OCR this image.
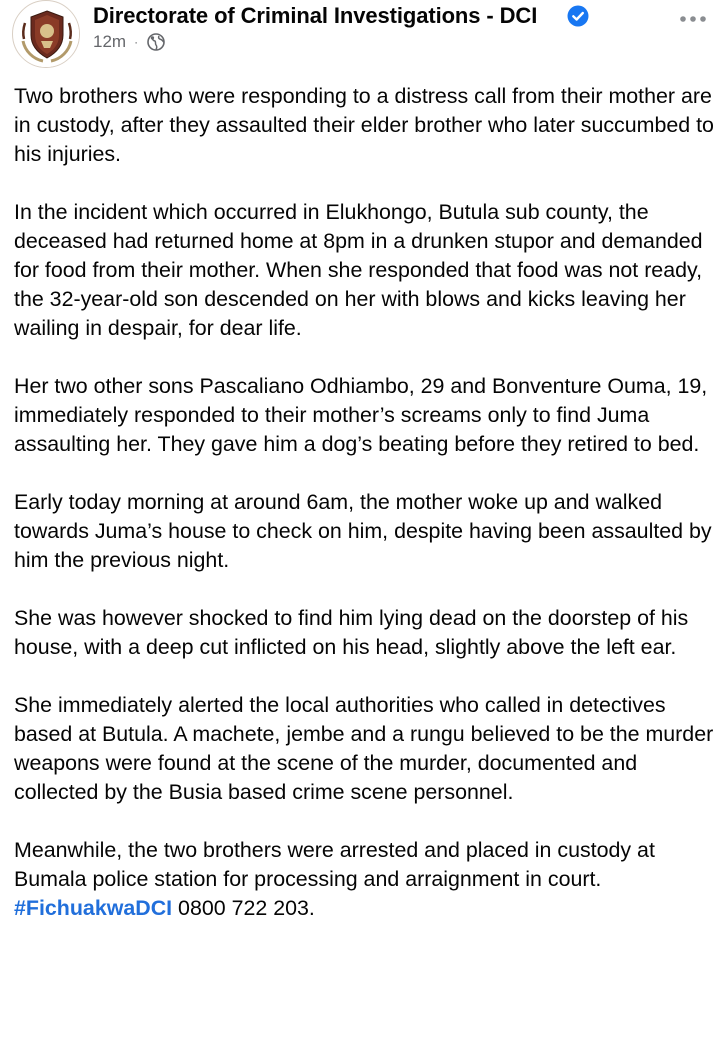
Directorate of Criminal Investigations - DCI
12m ·

Two brothers who were responding to a distress call from their mother are in custody, after they assaulted their elder brother who later succumbed to his injuries.

In the incident which occurred in Elukhongo, Butula sub county, the deceased had returned home at 8pm in a drunken stupor and demanded for food from their mother. When she responded that food was not ready, the 32-year-old son descended on her with blows and kicks leaving her wailing in despair, for dear life.

Her two other sons Pascaliano Odhiambo, 29 and Bonventure Ouma, 19, immediately responded to their mother’s screams only to find Juma assaulting her. They gave him a dog’s beating before they retired to bed.

Early today morning at around 6am, the mother woke up and walked towards Juma’s house to check on him, despite having been assaulted by him the previous night.

She was however shocked to find him lying dead on the doorstep of his house, with a deep cut inflicted on his head, slightly above the left ear.

She immediately alerted the local authorities who called in detectives based at Butula. A machete, jembe and a rungu believed to be the murder weapons were found at the scene of the murder, documented and collected by the Busia based crime scene personnel.

Meanwhile, the two brothers were arrested and placed in custody at Bumala police station for processing and arraignment in court.
#FichuakwaDCI 0800 722 203.
